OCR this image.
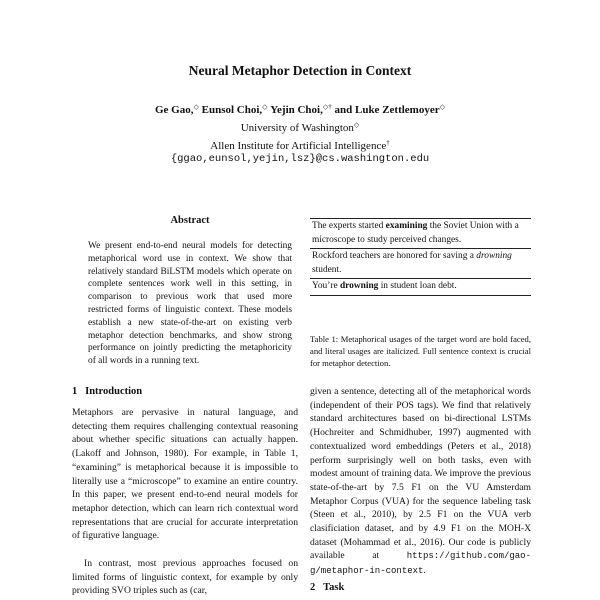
Neural Metaphor Detection in Context
Ge Gao,◇ Eunsol Choi,◇ Yejin Choi,◇† and Luke Zettlemoyer◇
University of Washington◇
Allen Institute for Artificial Intelligence†
{ggao,eunsol,yejin,lsz}@cs.washington.edu
Abstract
We present end-to-end neural models for detecting metaphorical word use in context. We show that relatively standard BiLSTM models which operate on complete sentences work well in this setting, in comparison to previous work that used more restricted forms of linguistic context. These models establish a new state-of-the-art on existing verb metaphor detection benchmarks, and show strong performance on jointly predicting the metaphoricity of all words in a running text.
1 Introduction

Metaphors are pervasive in natural language, and detecting them requires challenging contextual reasoning about whether specific situations can actually happen. (Lakoff and Johnson, 1980). For example, in Table 1, “examining” is metaphorical because it is impossible to literally use a “microscope” to examine an entire country. In this paper, we present end-to-end neural models for metaphor detection, which can learn rich contextual word representations that are crucial for accurate interpretation of figurative language.

In contrast, most previous approaches focused on limited forms of linguistic context, for example by only providing SVO triples such as (car,

The experts started examining the Soviet Union with a microscope to study perceived changes.
Rockford teachers are honored for saving a drowning student.
You’re drowning in student loan debt.
Table 1: Metaphorical usages of the target word are bold faced, and literal usages are italicized. Full sentence context is crucial for metaphor detection.

given a sentence, detecting all of the metaphorical words (independent of their POS tags). We find that relatively standard architectures based on bi-directional LSTMs (Hochreiter and Schmidhuber, 1997) augmented with contextualized word embeddings (Peters et al., 2018) perform surprisingly well on both tasks, even with modest amount of training data. We improve the previous state-of-the-art by 7.5 F1 on the VU Amsterdam Metaphor Corpus (VUA) for the sequence labeling task (Steen et al., 2010), by 2.5 F1 on the VUA verb clasificiation dataset, and by 4.9 F1 on the MOH-X dataset (Mohammad et al., 2016). Our code is publicly available at	https://github.com/gao-g/metaphor-in-context.

2 Task
